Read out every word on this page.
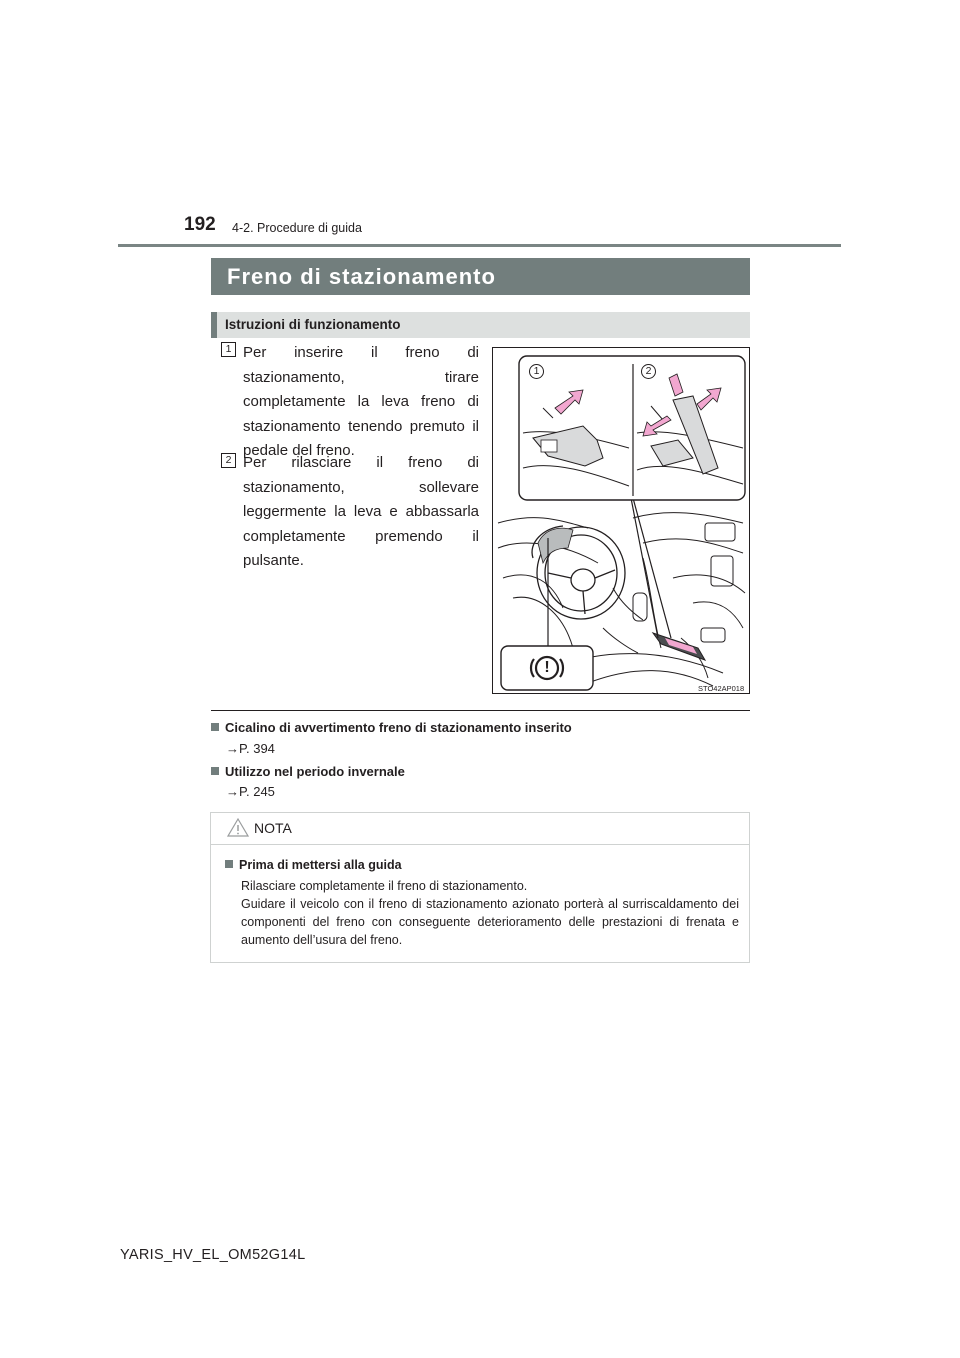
192 4-2. Procedure di guida
Freno di stazionamento
Istruzioni di funzionamento
1 Per inserire il freno di stazionamento, tirare completamente la leva freno di stazionamento tenendo premuto il pedale del freno.
2 Per rilasciare il freno di stazionamento, sollevare leggermente la leva e abbassarla completamente premendo il pulsante.
1	2
!
STO42AP018
Cicalino di avvertimento freno di stazionamento inserito
→P. 394
Utilizzo nel periodo invernale
→P. 245
NOTA
Prima di mettersi alla guida
Rilasciare completamente il freno di stazionamento.
Guidare il veicolo con il freno di stazionamento azionato porterà al surriscaldamento dei componenti del freno con conseguente deterioramento delle prestazioni di frenata e aumento dell’usura del freno.
YARIS_HV_EL_OM52G14L
